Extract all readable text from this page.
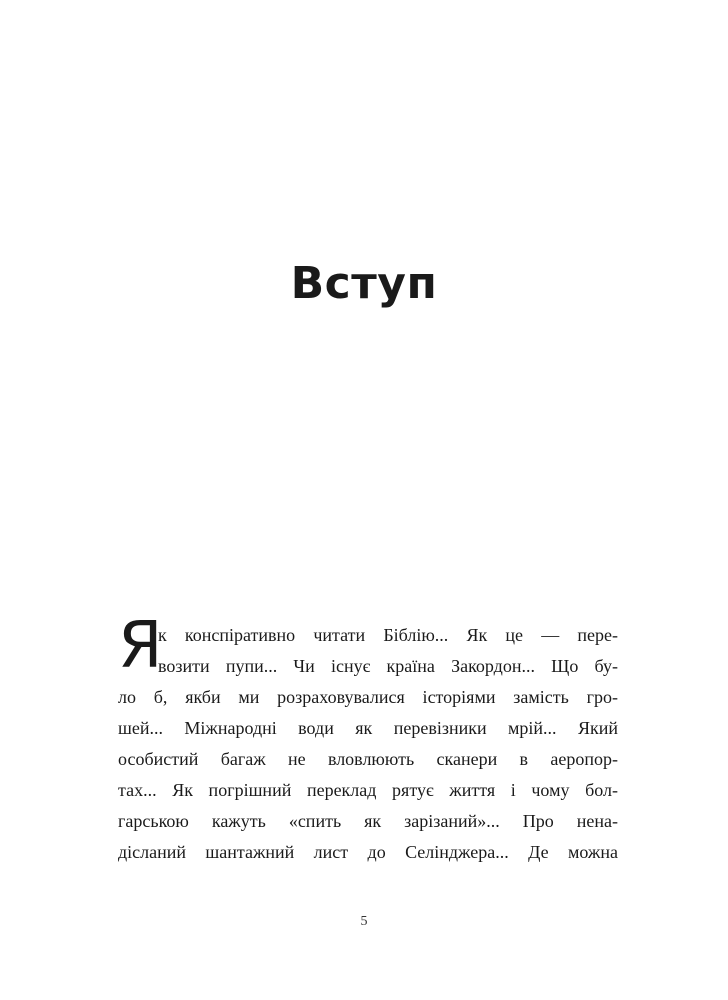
Вступ
Я
к конспіративно читати Біблію... Як це — пере-
возити пупи... Чи існує країна Закордон... Що бу-
ло б, якби ми розраховувалися історіями замість гро-
шей... Міжнародні води як перевізники мрій... Який
особистий багаж не вловлюють сканери в аеропор-
тах... Як погрішний переклад рятує життя і чому бол-
гарською кажуть «спить як зарізаний»... Про нена-
дісланий шантажний лист до Селінджера... Де можна
5
